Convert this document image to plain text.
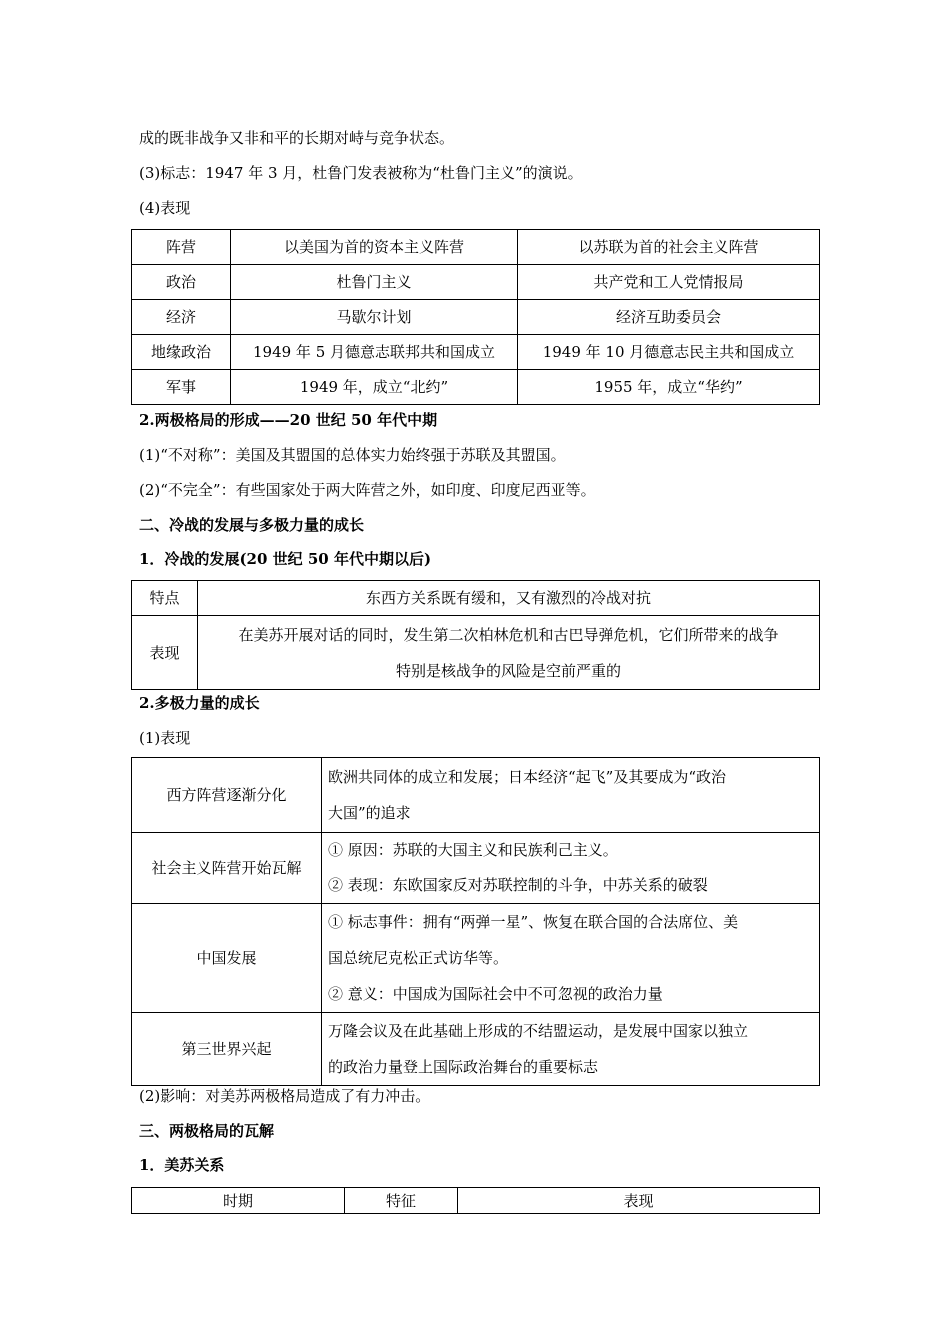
成的既非战争又非和平的长期对峙与竞争状态。
(3)标志：1947 年 3 月，杜鲁门发表被称为“杜鲁门主义”的演说。
(4)表现
阵营	以美国为首的资本主义阵营	以苏联为首的社会主义阵营
政治	杜鲁门主义	共产党和工人党情报局
经济	马歇尔计划	经济互助委员会
地缘政治	1949 年 5 月德意志联邦共和国成立	1949 年 10 月德意志民主共和国成立
军事	1949 年，成立“北约”	1955 年，成立“华约”
2.两极格局的形成——20 世纪 50 年代中期
(1)“不对称”：美国及其盟国的总体实力始终强于苏联及其盟国。
(2)“不完全”：有些国家处于两大阵营之外，如印度、印度尼西亚等。
二、冷战的发展与多极力量的成长
1．冷战的发展(20 世纪 50 年代中期以后)
特点	东西方关系既有缓和，又有激烈的冷战对抗
表现	在美苏开展对话的同时，发生第二次柏林危机和古巴导弹危机，它们所带来的战争
特别是核战争的风险是空前严重的
2.多极力量的成长
(1)表现
西方阵营逐渐分化	欧洲共同体的成立和发展；日本经济“起飞”及其要成为“政治
大国”的追求

社会主义阵营开始瓦解	① 原因：苏联的大国主义和民族利己主义。
② 表现：东欧国家反对苏联控制的斗争，中苏关系的破裂

中国发展	① 标志事件：拥有“两弹一星”、恢复在联合国的合法席位、美
国总统尼克松正式访华等。
② 意义：中国成为国际社会中不可忽视的政治力量

第三世界兴起	万隆会议及在此基础上形成的不结盟运动，是发展中国家以独立
的政治力量登上国际政治舞台的重要标志
(2)影响：对美苏两极格局造成了有力冲击。
三、两极格局的瓦解
1．美苏关系
时期	特征	表现
